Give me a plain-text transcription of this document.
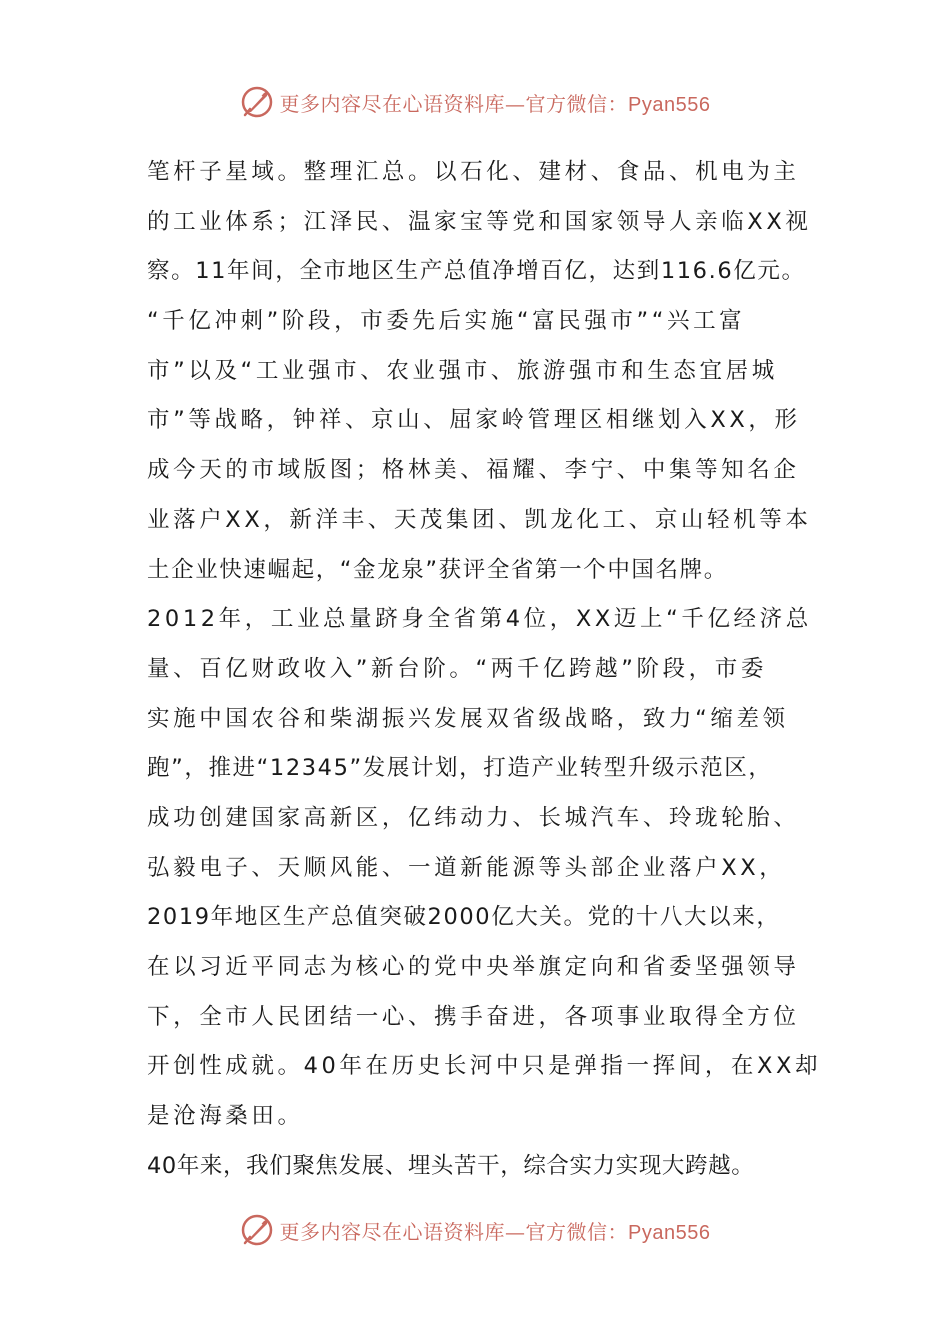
更多内容尽在心语资料库—官方微信：Pyan556
笔杆子星域。整理汇总。以石化、建材、食品、机电为主
的工业体系；江泽民、温家宝等党和国家领导人亲临XX视
察。11年间，全市地区生产总值净增百亿，达到116.6亿元。
“千亿冲刺”阶段，市委先后实施“富民强市”“兴工富
市”以及“工业强市、农业强市、旅游强市和生态宜居城
市”等战略，钟祥、京山、屈家岭管理区相继划入XX，形
成今天的市域版图；格林美、福耀、李宁、中集等知名企
业落户XX，新洋丰、天茂集团、凯龙化工、京山轻机等本
土企业快速崛起，“金龙泉”获评全省第一个中国名牌。
2012年，工业总量跻身全省第4位，XX迈上“千亿经济总
量、百亿财政收入”新台阶。“两千亿跨越”阶段，市委
实施中国农谷和柴湖振兴发展双省级战略，致力“缩差领
跑”，推进“12345”发展计划，打造产业转型升级示范区，
成功创建国家高新区，亿纬动力、长城汽车、玲珑轮胎、
弘毅电子、天顺风能、一道新能源等头部企业落户XX，
2019年地区生产总值突破2000亿大关。党的十八大以来，
在以习近平同志为核心的党中央举旗定向和省委坚强领导
下，全市人民团结一心、携手奋进，各项事业取得全方位
开创性成就。40年在历史长河中只是弹指一挥间，在XX却
是沧海桑田。
40年来，我们聚焦发展、埋头苦干，综合实力实现大跨越。
更多内容尽在心语资料库—官方微信：Pyan556
